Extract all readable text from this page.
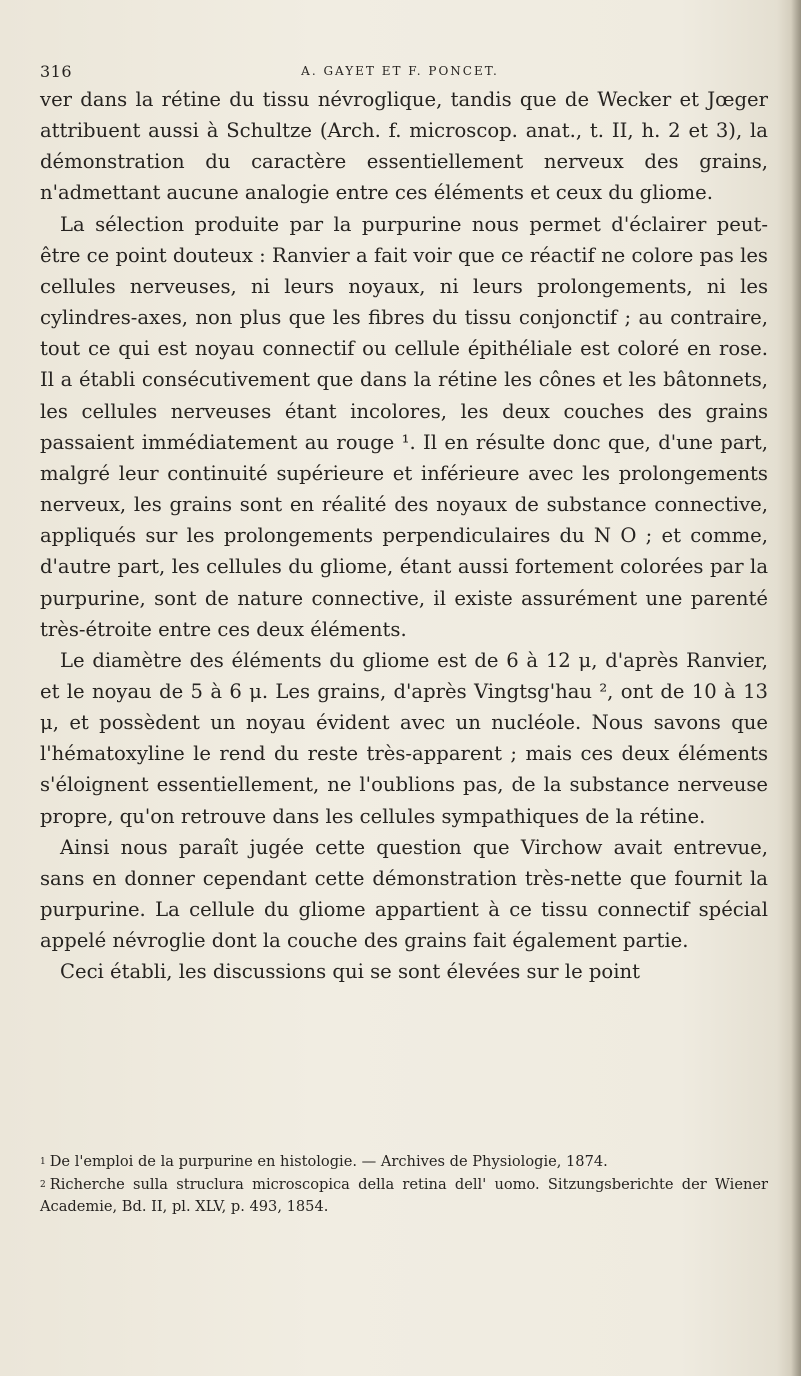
316	A. GAYET ET F. PONCET.

ver dans la rétine du tissu névroglique, tandis que de Wecker et Jœger attribuent aussi à Schultze (Arch. f. microscop. anat., t. II, h. 2 et 3), la démonstration du caractère essentiellement nerveux des grains, n'admettant aucune analogie entre ces éléments et ceux du gliome.

La sélection produite par la purpurine nous permet d'éclairer peut-être ce point douteux : Ranvier a fait voir que ce réactif ne colore pas les cellules nerveuses, ni leurs noyaux, ni leurs prolongements, ni les cylindres-axes, non plus que les fibres du tissu conjonctif ; au contraire, tout ce qui est noyau connectif ou cellule épithéliale est coloré en rose. Il a établi consécutivement que dans la rétine les cônes et les bâtonnets, les cellules nerveuses étant incolores, les deux couches des grains passaient immédiatement au rouge ¹. Il en résulte donc que, d'une part, malgré leur continuité supérieure et inférieure avec les prolongements nerveux, les grains sont en réalité des noyaux de substance connective, appliqués sur les prolongements perpendiculaires du N O ; et comme, d'autre part, les cellules du gliome, étant aussi fortement colorées par la purpurine, sont de nature connective, il existe assurément une parenté très-étroite entre ces deux éléments.

Le diamètre des éléments du gliome est de 6 à 12 μ, d'après Ranvier, et le noyau de 5 à 6 μ. Les grains, d'après Vingtsg'hau ², ont de 10 à 13 μ, et possèdent un noyau évident avec un nucléole. Nous savons que l'hématoxyline le rend du reste très-apparent ; mais ces deux éléments s'éloignent essentiellement, ne l'oublions pas, de la substance nerveuse propre, qu'on retrouve dans les cellules sympathiques de la rétine.

Ainsi nous paraît jugée cette question que Virchow avait entrevue, sans en donner cependant cette démonstration très-nette que fournit la purpurine. La cellule du gliome appartient à ce tissu connectif spécial appelé névroglie dont la couche des grains fait également partie.

Ceci établi, les discussions qui se sont élevées sur le point

1 De l'emploi de la purpurine en histologie. — Archives de Physiologie, 1874.

2 Richerche sulla struclura microscopica della retina dell' uomo. Sitzungsberichte der Wiener Academie, Bd. II, pl. XLV, p. 493, 1854.
